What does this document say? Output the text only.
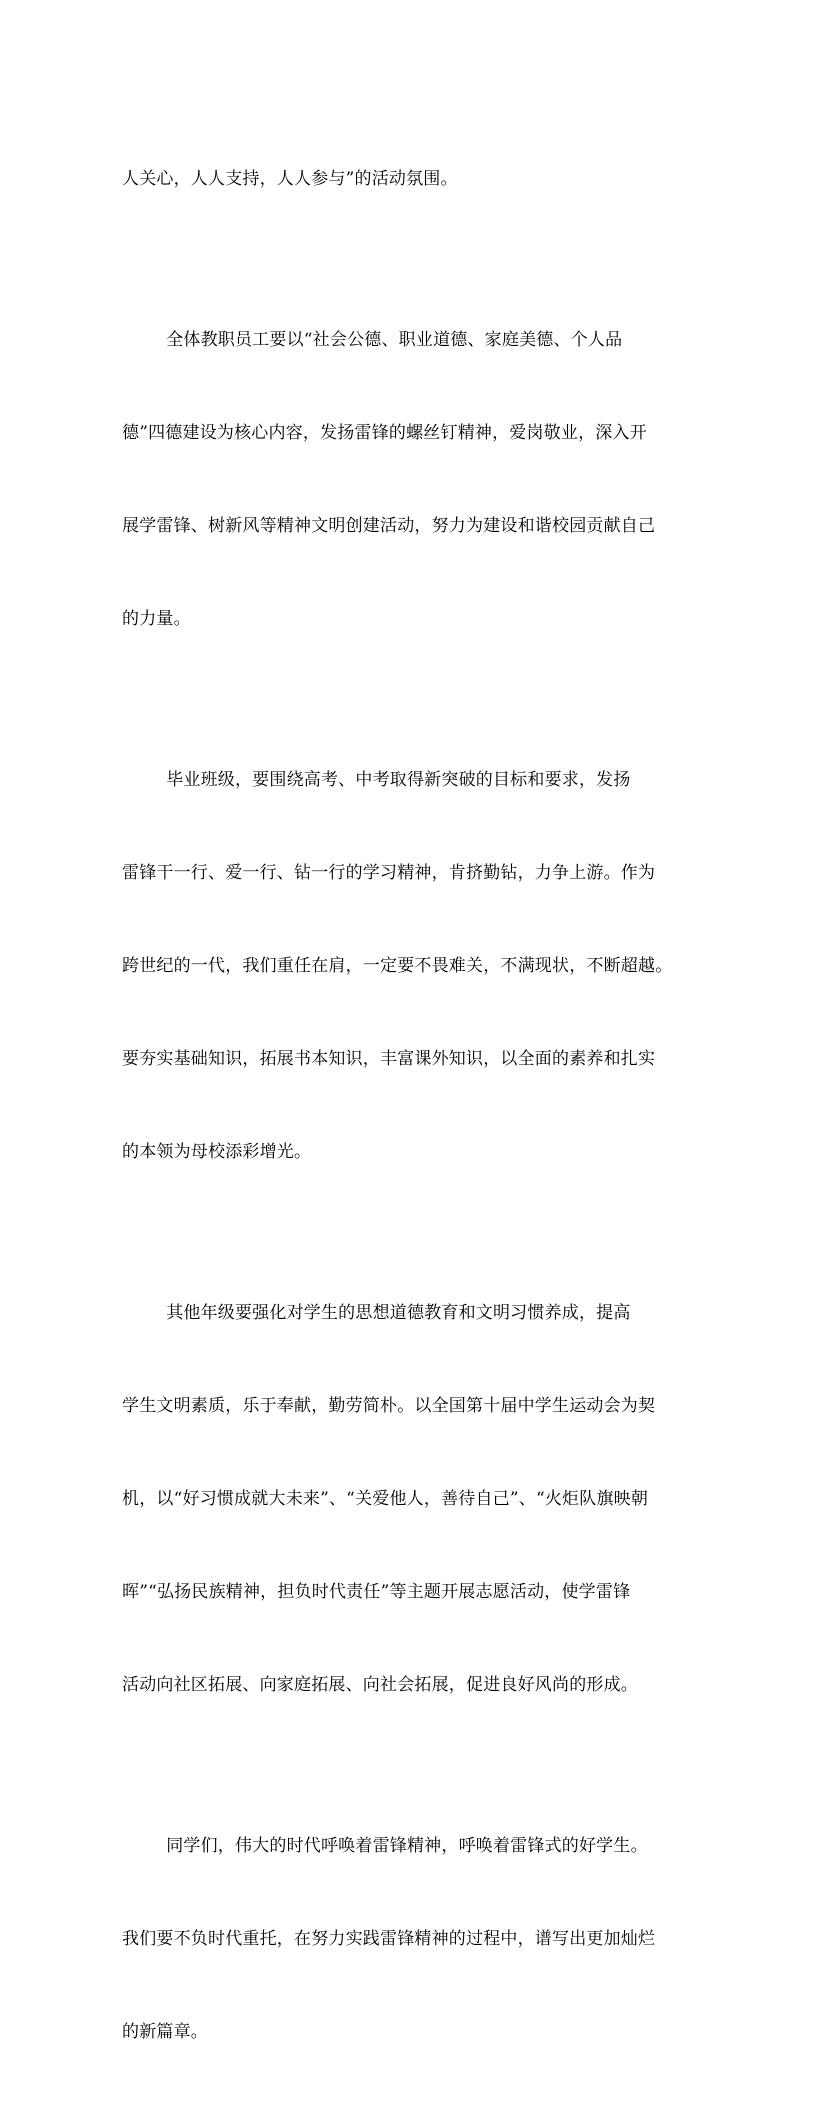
人关心，人人支持，人人参与”的活动氛围。

全体教职员工要以“社会公德、职业道德、家庭美德、个人品

德”四德建设为核心内容，发扬雷锋的螺丝钉精神，爱岗敬业，深入开

展学雷锋、树新风等精神文明创建活动，努力为建设和谐校园贡献自己

的力量。

毕业班级，要围绕高考、中考取得新突破的目标和要求，发扬

雷锋干一行、爱一行、钻一行的学习精神，肯挤勤钻，力争上游。作为

跨世纪的一代，我们重任在肩，一定要不畏难关，不满现状，不断超越。

要夯实基础知识，拓展书本知识，丰富课外知识，以全面的素养和扎实

的本领为母校添彩增光。

其他年级要强化对学生的思想道德教育和文明习惯养成，提高

学生文明素质，乐于奉献，勤劳简朴。以全国第十届中学生运动会为契

机，以“好习惯成就大未来”、“关爱他人，善待自己”、“火炬队旗映朝

晖”“弘扬民族精神，担负时代责任”等主题开展志愿活动，使学雷锋

活动向社区拓展、向家庭拓展、向社会拓展，促进良好风尚的形成。

同学们，伟大的时代呼唤着雷锋精神，呼唤着雷锋式的好学生。

我们要不负时代重托，在努力实践雷锋精神的过程中，谱写出更加灿烂

的新篇章。
